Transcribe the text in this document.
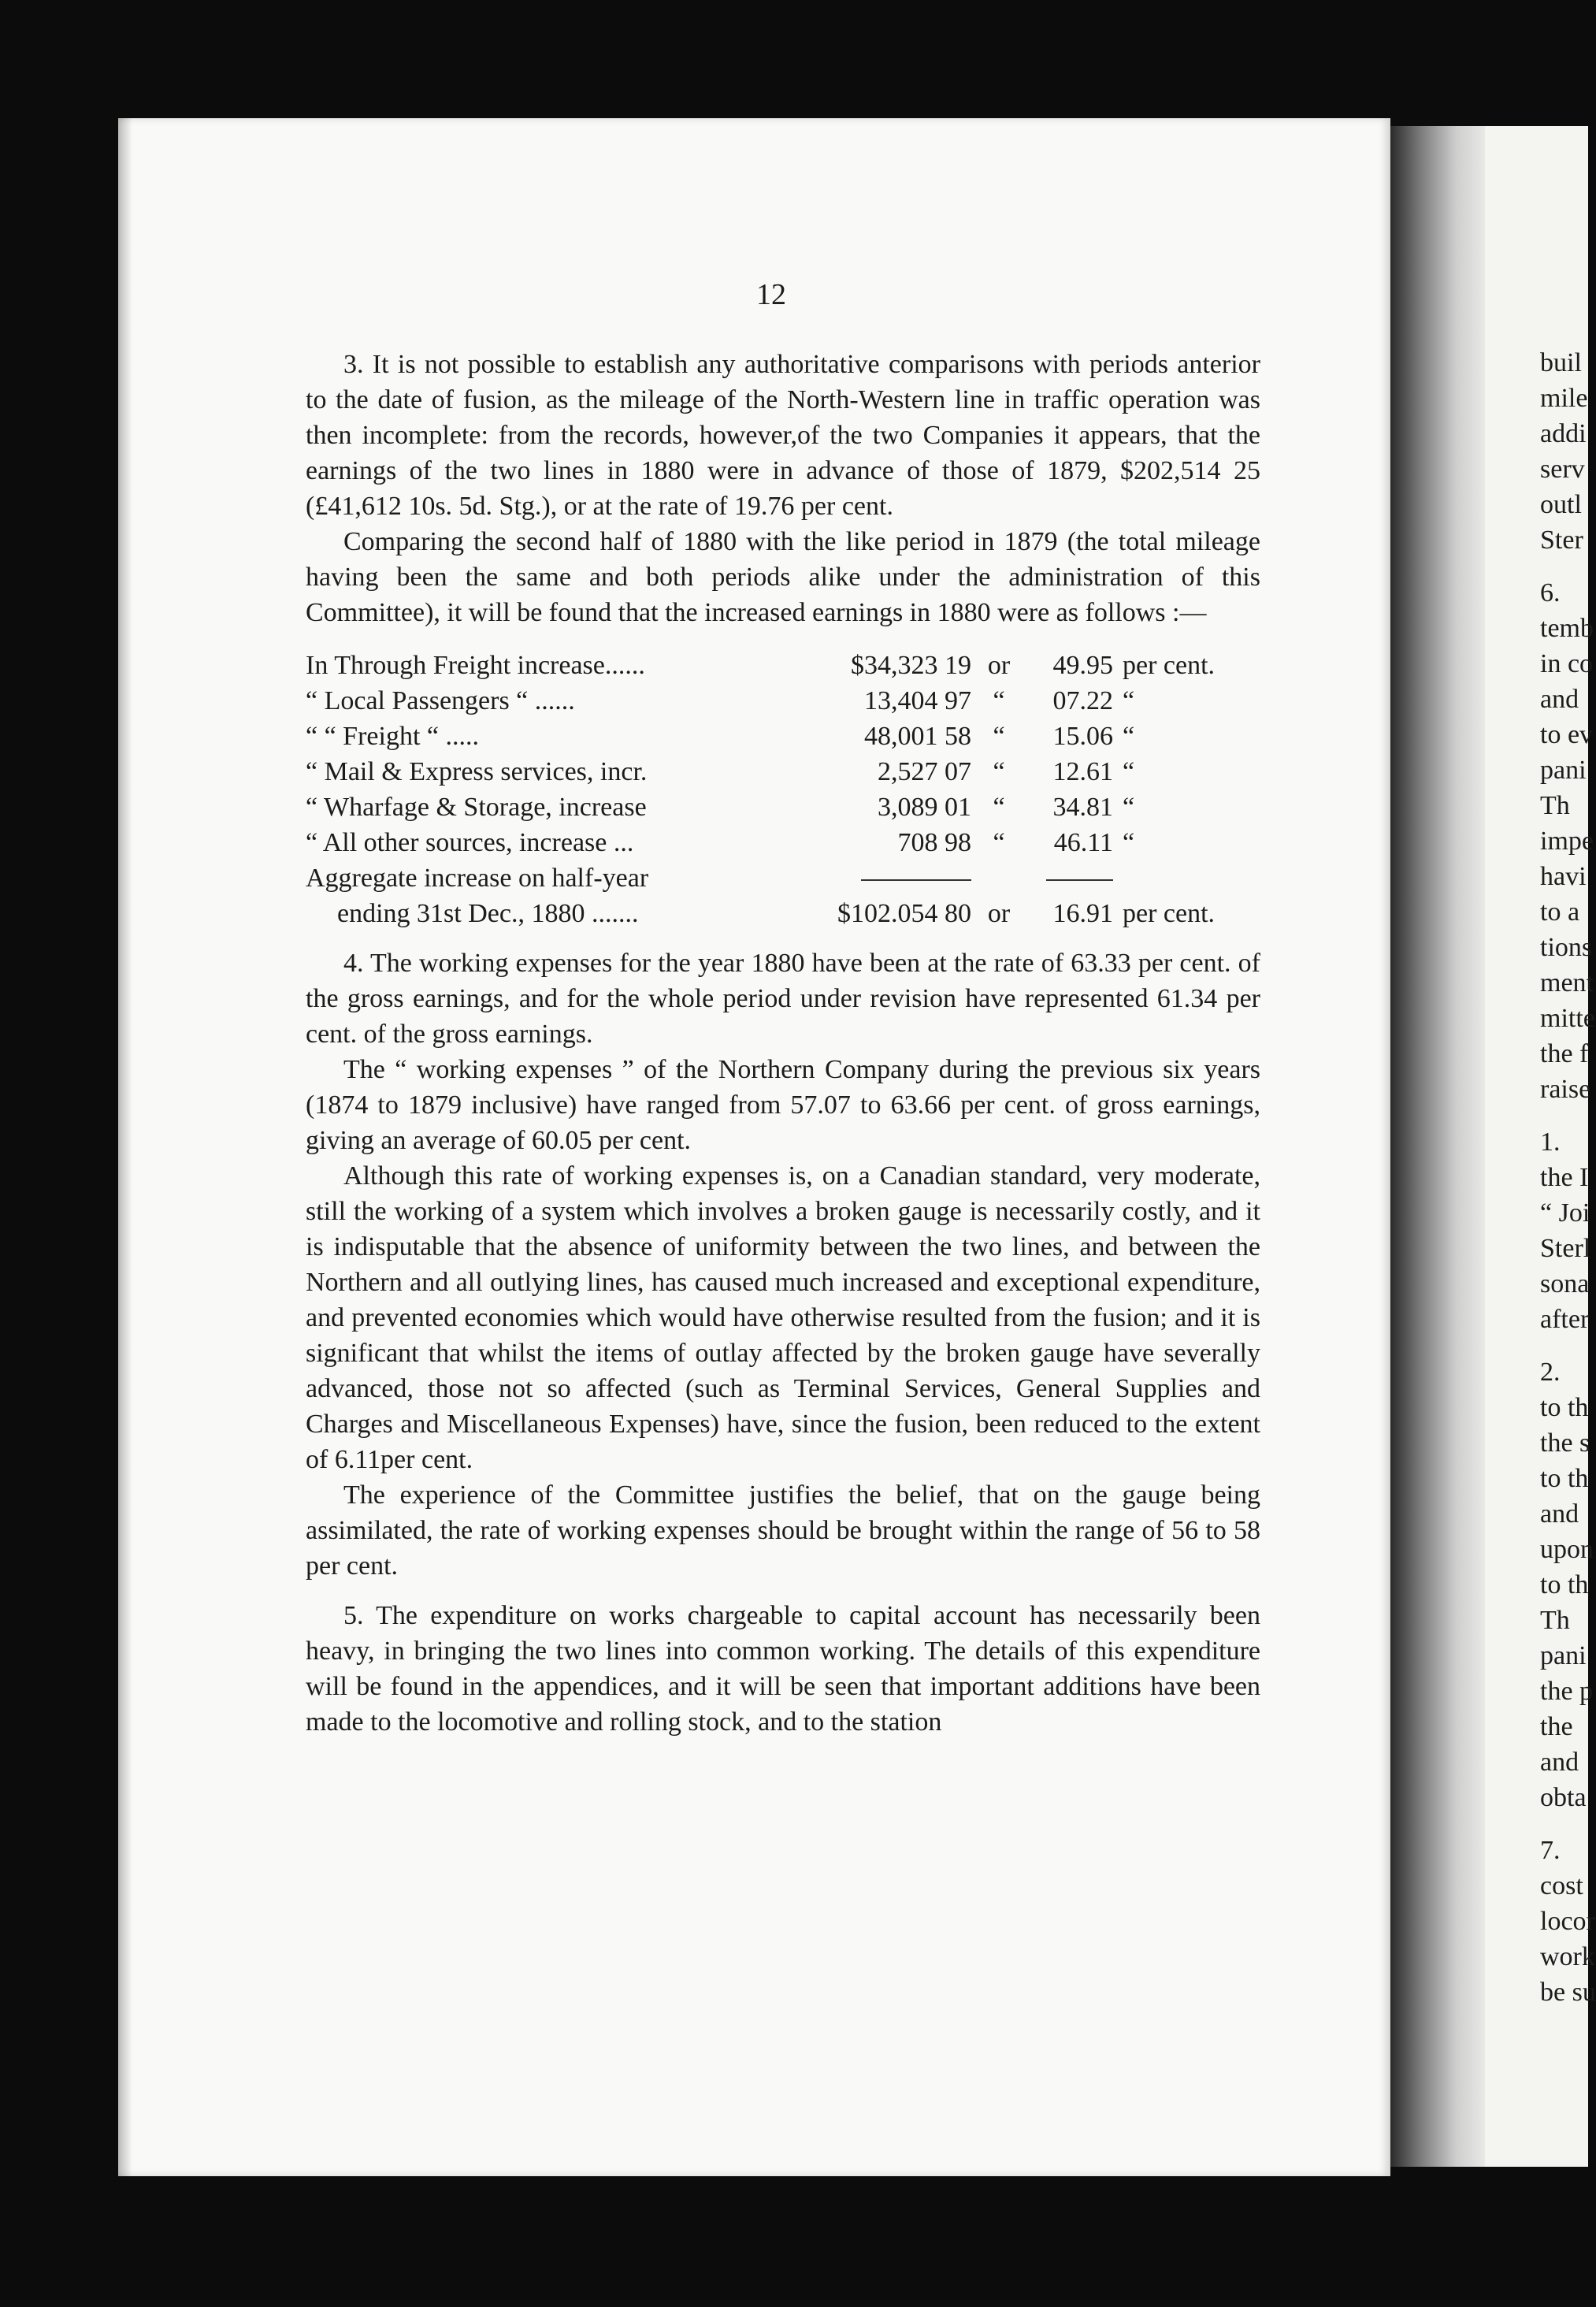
12

3. It is not possible to establish any authoritative comparisons with periods anterior to the date of fusion, as the mileage of the North-Western line in traffic operation was then incomplete: from the records, however,of the two Companies it appears, that the earnings of the two lines in 1880 were in advance of those of 1879, $202,514 25 (£41,612 10s. 5d. Stg.), or at the rate of 19.76 per cent.

Comparing the second half of 1880 with the like period in 1879 (the total mileage having been the same and both periods alike under the administration of this Committee), it will be found that the increased earnings in 1880 were as follows :—

In Through Freight increase......	$34,323 19	or	49.95	per cent.
“ Local Passengers “ ......	13,404 97	“	07.22	“
“ “ Freight “ .....	48,001 58	“	15.06	“
“ Mail & Express services, incr.	2,527 07	“	12.61	“
“ Wharfage & Storage, increase	3,089 01	“	34.81	“
“ All other sources, increase ...	708 98	“	46.11	“
Aggregate increase on half-year				
ending 31st Dec., 1880 .......	$102.054 80	or	16.91	per cent.

4. The working expenses for the year 1880 have been at the rate of 63.33 per cent. of the gross earnings, and for the whole period under revision have represented 61.34 per cent. of the gross earnings.

The “ working expenses ” of the Northern Company during the previous six years (1874 to 1879 inclusive) have ranged from 57.07 to 63.66 per cent. of gross earnings, giving an average of 60.05 per cent.

Although this rate of working expenses is, on a Canadian standard, very moderate, still the working of a system which involves a broken gauge is necessarily costly, and it is indisputable that the absence of uniformity between the two lines, and between the Northern and all outlying lines, has caused much increased and exceptional expenditure, and prevented economies which would have otherwise resulted from the fusion; and it is significant that whilst the items of outlay affected by the broken gauge have severally advanced, those not so affected (such as Terminal Services, General Supplies and Charges and Miscellaneous Expenses) have, since the fusion, been reduced to the extent of 6.11per cent.

The experience of the Committee justifies the belief, that on the gauge being assimilated, the rate of working expenses should be brought within the range of 56 to 58 per cent.

5. The expenditure on works chargeable to capital account has necessarily been heavy, in bringing the two lines into common working. The details of this expenditure will be found in the appendices, and it will be seen that important additions have been made to the locomotive and rolling stock, and to the station

buil
mile
addi
serv
outl
Ster
6.
temb
in co
and
to ev
pani
Th
impe
havi
to a
tions
ment
mitte
the f
raise
1.
the I
“ Joi
Sterl
sona
after
2.
to th
the s
to th
and
upon
to th
Th
pani
the p
the
and
obta
7.
cost
locor
work
be su
